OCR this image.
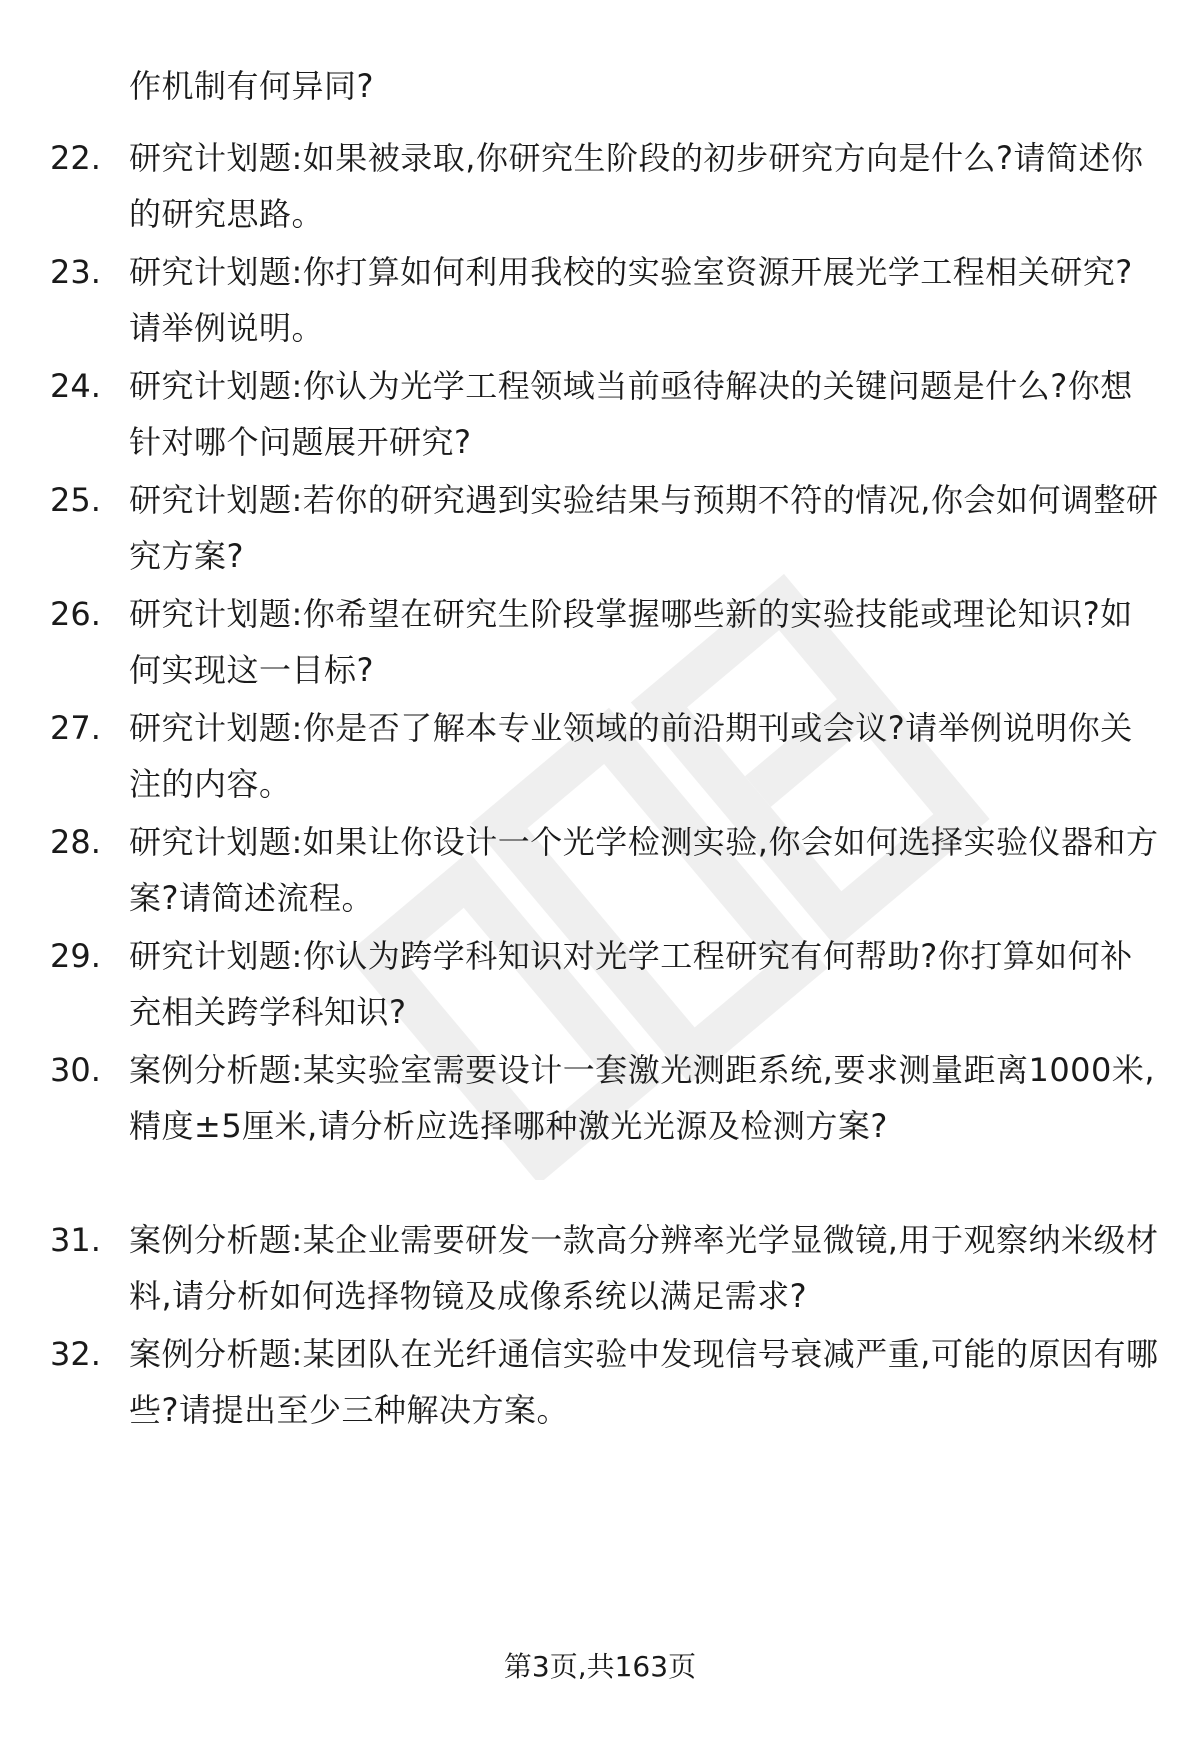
作机制有何异同?
22. 研究计划题:如果被录取,你研究生阶段的初步研究方向是什么?请简述你的研究思路。
23. 研究计划题:你打算如何利用我校的实验室资源开展光学工程相关研究?请举例说明。
24. 研究计划题:你认为光学工程领域当前亟待解决的关键问题是什么?你想针对哪个问题展开研究?
25. 研究计划题:若你的研究遇到实验结果与预期不符的情况,你会如何调整研究方案?
26. 研究计划题:你希望在研究生阶段掌握哪些新的实验技能或理论知识?如何实现这一目标?
27. 研究计划题:你是否了解本专业领域的前沿期刊或会议?请举例说明你关注的内容。
28. 研究计划题:如果让你设计一个光学检测实验,你会如何选择实验仪器和方案?请简述流程。
29. 研究计划题:你认为跨学科知识对光学工程研究有何帮助?你打算如何补充相关跨学科知识?
30. 案例分析题:某实验室需要设计一套激光测距系统,要求测量距离1000米,精度±5厘米,请分析应选择哪种激光光源及检测方案?
31. 案例分析题:某企业需要研发一款高分辨率光学显微镜,用于观察纳米级材料,请分析如何选择物镜及成像系统以满足需求?
32. 案例分析题:某团队在光纤通信实验中发现信号衰减严重,可能的原因有哪些?请提出至少三种解决方案。
第3页,共163页
